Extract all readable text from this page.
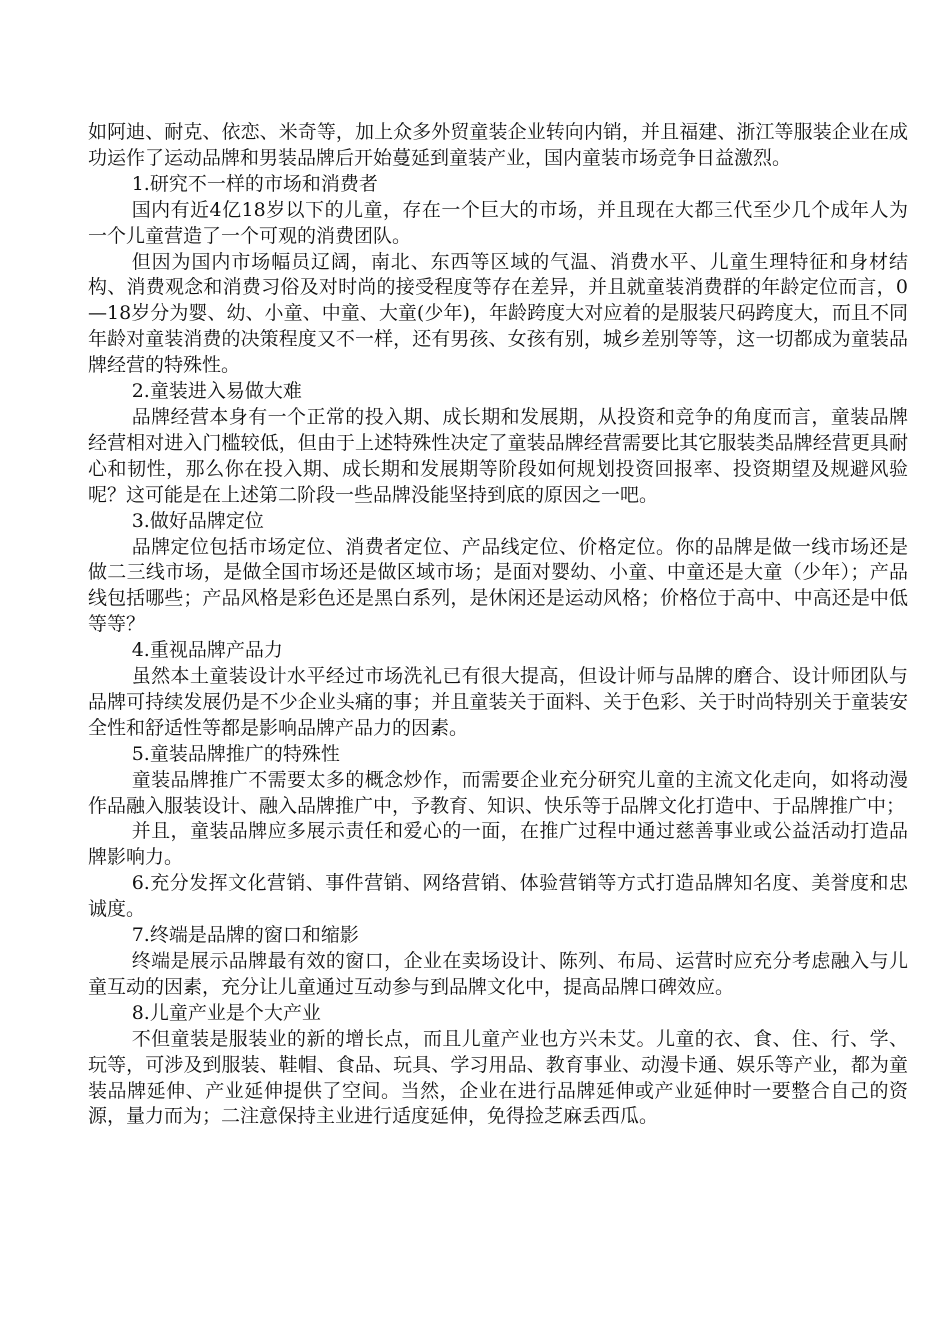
如阿迪、耐克、依恋、米奇等，加上众多外贸童装企业转向内销，并且福建、浙江等服装企业在成功运作了运动品牌和男装品牌后开始蔓延到童装产业，国内童装市场竞争日益激烈。

1.研究不一样的市场和消费者

国内有近4亿18岁以下的儿童，存在一个巨大的市场，并且现在大都三代至少几个成年人为一个儿童营造了一个可观的消费团队。

但因为国内市场幅员辽阔，南北、东西等区域的气温、消费水平、儿童生理特征和身材结构、消费观念和消费习俗及对时尚的接受程度等存在差异，并且就童装消费群的年龄定位而言，0—18岁分为婴、幼、小童、中童、大童(少年)，年龄跨度大对应着的是服装尺码跨度大，而且不同年龄对童装消费的决策程度又不一样，还有男孩、女孩有别，城乡差别等等，这一切都成为童装品牌经营的特殊性。

2.童装进入易做大难

品牌经营本身有一个正常的投入期、成长期和发展期，从投资和竞争的角度而言，童装品牌经营相对进入门槛较低，但由于上述特殊性决定了童装品牌经营需要比其它服装类品牌经营更具耐心和韧性，那么你在投入期、成长期和发展期等阶段如何规划投资回报率、投资期望及规避风验呢？这可能是在上述第二阶段一些品牌没能坚持到底的原因之一吧。

3.做好品牌定位

品牌定位包括市场定位、消费者定位、产品线定位、价格定位。你的品牌是做一线市场还是做二三线市场，是做全国市场还是做区域市场；是面对婴幼、小童、中童还是大童（少年）；产品线包括哪些；产品风格是彩色还是黑白系列，是休闲还是运动风格；价格位于高中、中高还是中低等等？

4.重视品牌产品力

虽然本土童装设计水平经过市场洗礼已有很大提高，但设计师与品牌的磨合、设计师团队与品牌可持续发展仍是不少企业头痛的事；并且童装关于面料、关于色彩、关于时尚特别关于童装安全性和舒适性等都是影响品牌产品力的因素。

5.童装品牌推广的特殊性

童装品牌推广不需要太多的概念炒作，而需要企业充分研究儿童的主流文化走向，如将动漫作品融入服装设计、融入品牌推广中，予教育、知识、快乐等于品牌文化打造中、于品牌推广中；

并且，童装品牌应多展示责任和爱心的一面，在推广过程中通过慈善事业或公益活动打造品牌影响力。

6.充分发挥文化营销、事件营销、网络营销、体验营销等方式打造品牌知名度、美誉度和忠诚度。

7.终端是品牌的窗口和缩影

终端是展示品牌最有效的窗口，企业在卖场设计、陈列、布局、运营时应充分考虑融入与儿童互动的因素，充分让儿童通过互动参与到品牌文化中，提高品牌口碑效应。

8.儿童产业是个大产业

不但童装是服装业的新的增长点，而且儿童产业也方兴未艾。儿童的衣、食、住、行、学、玩等，可涉及到服装、鞋帽、食品、玩具、学习用品、教育事业、动漫卡通、娱乐等产业，都为童装品牌延伸、产业延伸提供了空间。当然，企业在进行品牌延伸或产业延伸时一要整合自己的资源，量力而为；二注意保持主业进行适度延伸，免得捡芝麻丢西瓜。
